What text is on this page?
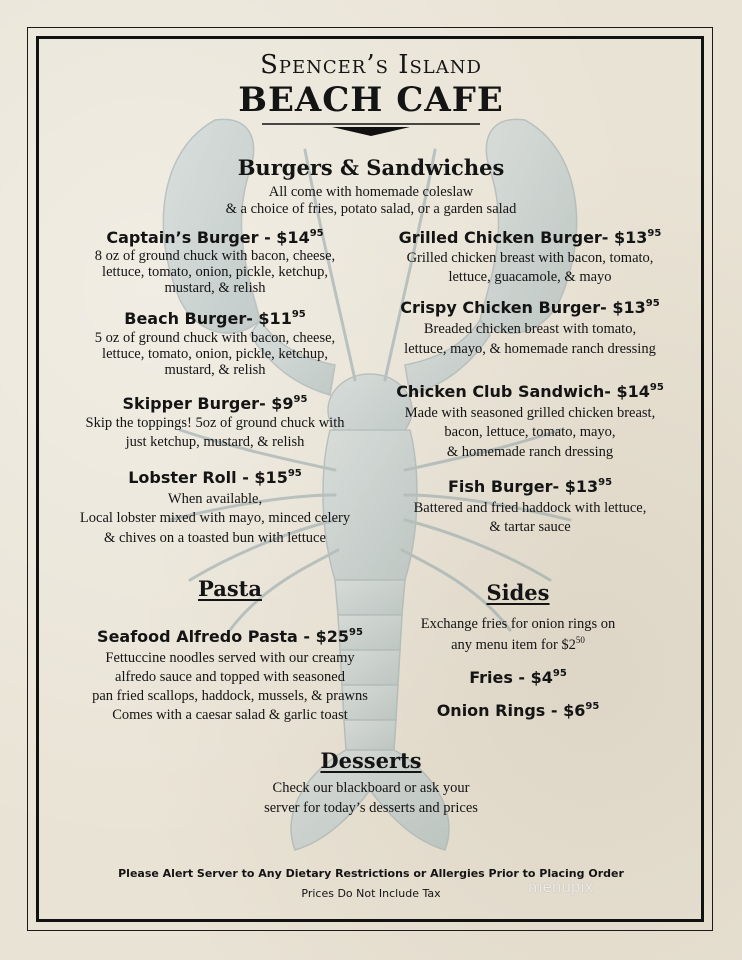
Spencer’s Island
BEACH CAFE
Burgers & Sandwiches
All come with homemade coleslaw
& a choice of fries, potato salad, or a garden salad
Captain’s Burger - $\$14^{95}$
8 oz of ground chuck with bacon, cheese,
lettuce, tomato, onion, pickle, ketchup,
mustard, & relish
Beach Burger- $\$11^{95}$
5 oz of ground chuck with bacon, cheese,
lettuce, tomato, onion, pickle, ketchup,
mustard, & relish
Skipper Burger- $\$9^{95}$
Skip the toppings! 5oz of ground chuck with
just ketchup, mustard, & relish
Lobster Roll - $\$15^{95}$
When available,
Local lobster mixed with mayo, minced celery
& chives on a toasted bun with lettuce
Grilled Chicken Burger- $\$13^{95}$
Grilled chicken breast with bacon, tomato,
lettuce, guacamole, & mayo
Crispy Chicken Burger- $\$13^{95}$
Breaded chicken breast with tomato,
lettuce, mayo, & homemade ranch dressing
Chicken Club Sandwich- $\$14^{95}$
Made with seasoned grilled chicken breast,
bacon, lettuce, tomato, mayo,
& homemade ranch dressing
Fish Burger- $\$13^{95}$
Battered and fried haddock with lettuce,
& tartar sauce
Pasta
Seafood Alfredo Pasta - $\$25^{95}$
Fettuccine noodles served with our creamy
alfredo sauce and topped with seasoned
pan fried scallops, haddock, mussels, & prawns
Comes with a caesar salad & garlic toast
Sides
Exchange fries for onion rings on
any menu item for $\$2^{50}$
Fries - $\$4^{95}$
Onion Rings - $\$6^{95}$
Desserts
Check our blackboard or ask your
server for today’s desserts and prices
Please Alert Server to Any Dietary Restrictions or Allergies Prior to Placing Order
Prices Do Not Include Tax	menupix
